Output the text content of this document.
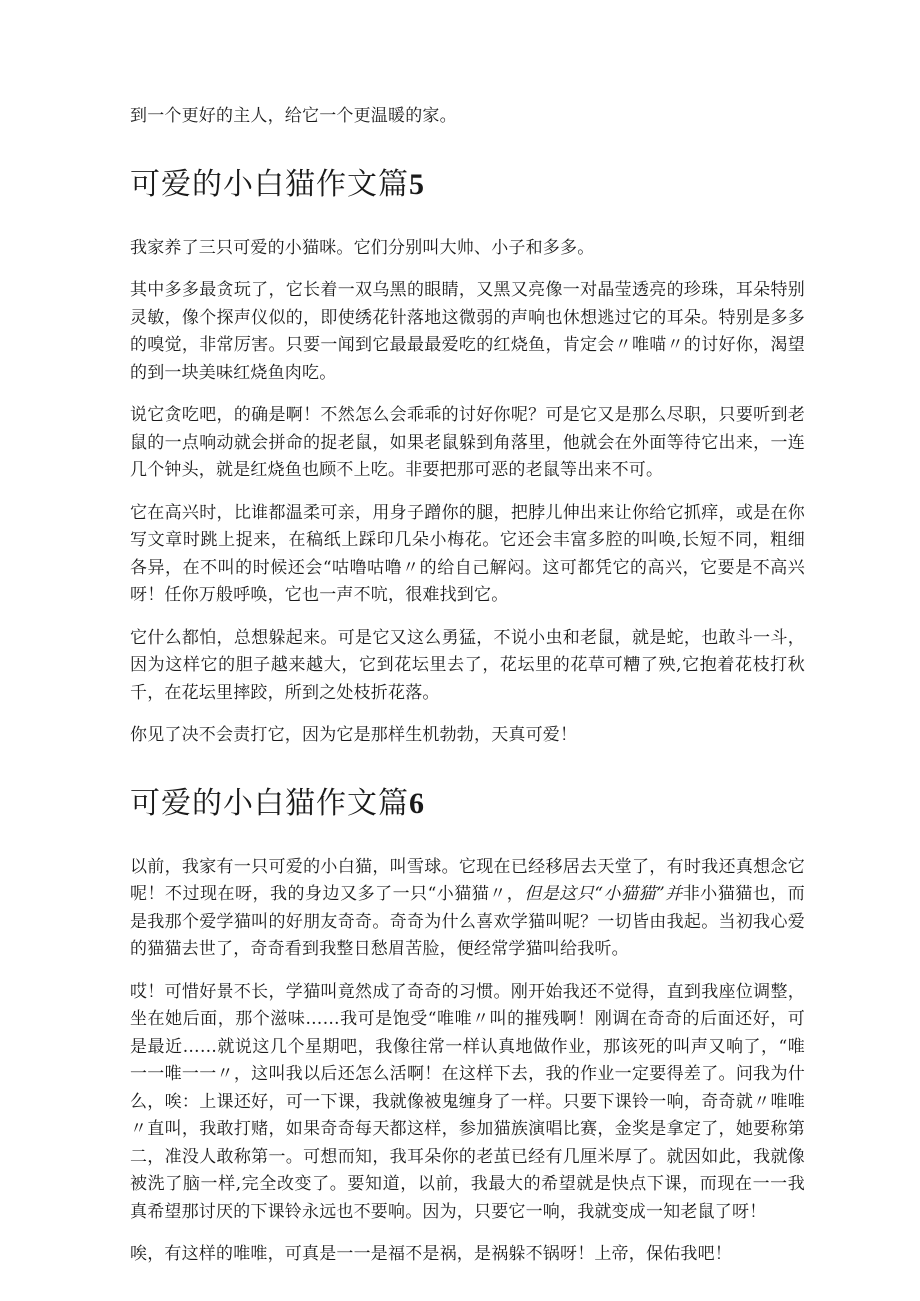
到一个更好的主人，给它一个更温暖的家。

可爱的小白猫作文篇5

我家养了三只可爱的小猫咪。它们分别叫大帅、小子和多多。

其中多多最贪玩了，它长着一双乌黑的眼睛，又黑又亮像一对晶莹透亮的珍珠，耳朵特别灵敏，像个探声仪似的，即使绣花针落地这微弱的声响也休想逃过它的耳朵。特别是多多的嗅觉，非常厉害。只要一闻到它最最最爱吃的红烧鱼，肯定会〃唯喵〃的讨好你，渴望的到一块美味红烧鱼肉吃。

说它贪吃吧，的确是啊！不然怎么会乖乖的讨好你呢？可是它又是那么尽职，只要听到老鼠的一点响动就会拼命的捉老鼠，如果老鼠躲到角落里，他就会在外面等待它出来，一连几个钟头，就是红烧鱼也顾不上吃。非要把那可恶的老鼠等出来不可。

它在高兴时，比谁都温柔可亲，用身子蹭你的腿，把脖儿伸出来让你给它抓痒，或是在你写文章时跳上捉来，在稿纸上踩印几朵小梅花。它还会丰富多腔的叫唤,长短不同，粗细各异，在不叫的时候还会“咕噜咕噜〃的给自己解闷。这可都凭它的高兴，它要是不高兴呀！任你万般呼唤，它也一声不吭，很难找到它。

它什么都怕，总想躲起来。可是它又这么勇猛，不说小虫和老鼠，就是蛇，也敢斗一斗，因为这样它的胆子越来越大，它到花坛里去了，花坛里的花草可糟了殃,它抱着花枝打秋千，在花坛里摔跤，所到之处枝折花落。

你见了决不会责打它，因为它是那样生机勃勃，天真可爱！

可爱的小白猫作文篇6

以前，我家有一只可爱的小白猫，叫雪球。它现在已经移居去天堂了，有时我还真想念它呢！不过现在呀，我的身边又多了一只“小猫猫〃，但是这只“小猫猫”并非小猫猫也，而是我那个爱学猫叫的好朋友奇奇。奇奇为什么喜欢学猫叫呢？一切皆由我起。当初我心爱的猫猫去世了，奇奇看到我整日愁眉苦脸，便经常学猫叫给我听。

哎！可惜好景不长，学猫叫竟然成了奇奇的习惯。刚开始我还不觉得，直到我座位调整，坐在她后面，那个滋味……我可是饱受“唯唯〃叫的摧残啊！刚调在奇奇的后面还好，可是最近……就说这几个星期吧，我像往常一样认真地做作业，那该死的叫声又响了，“唯一一唯一一〃，这叫我以后还怎么活啊！在这样下去，我的作业一定要得差了。问我为什么，唉：上课还好，可一下课，我就像被鬼缠身了一样。只要下课铃一响，奇奇就〃唯唯〃直叫，我敢打赌，如果奇奇每天都这样，参加猫族演唱比赛，金奖是拿定了，她要称第二，准没人敢称第一。可想而知，我耳朵你的老茧已经有几厘米厚了。就因如此，我就像被洗了脑一样,完全改变了。要知道，以前，我最大的希望就是快点下课，而现在一一我真希望那讨厌的下课铃永远也不要响。因为，只要它一响，我就变成一知老鼠了呀！

唉，有这样的唯唯，可真是一一是福不是祸，是祸躲不锅呀！上帝，保佑我吧！
